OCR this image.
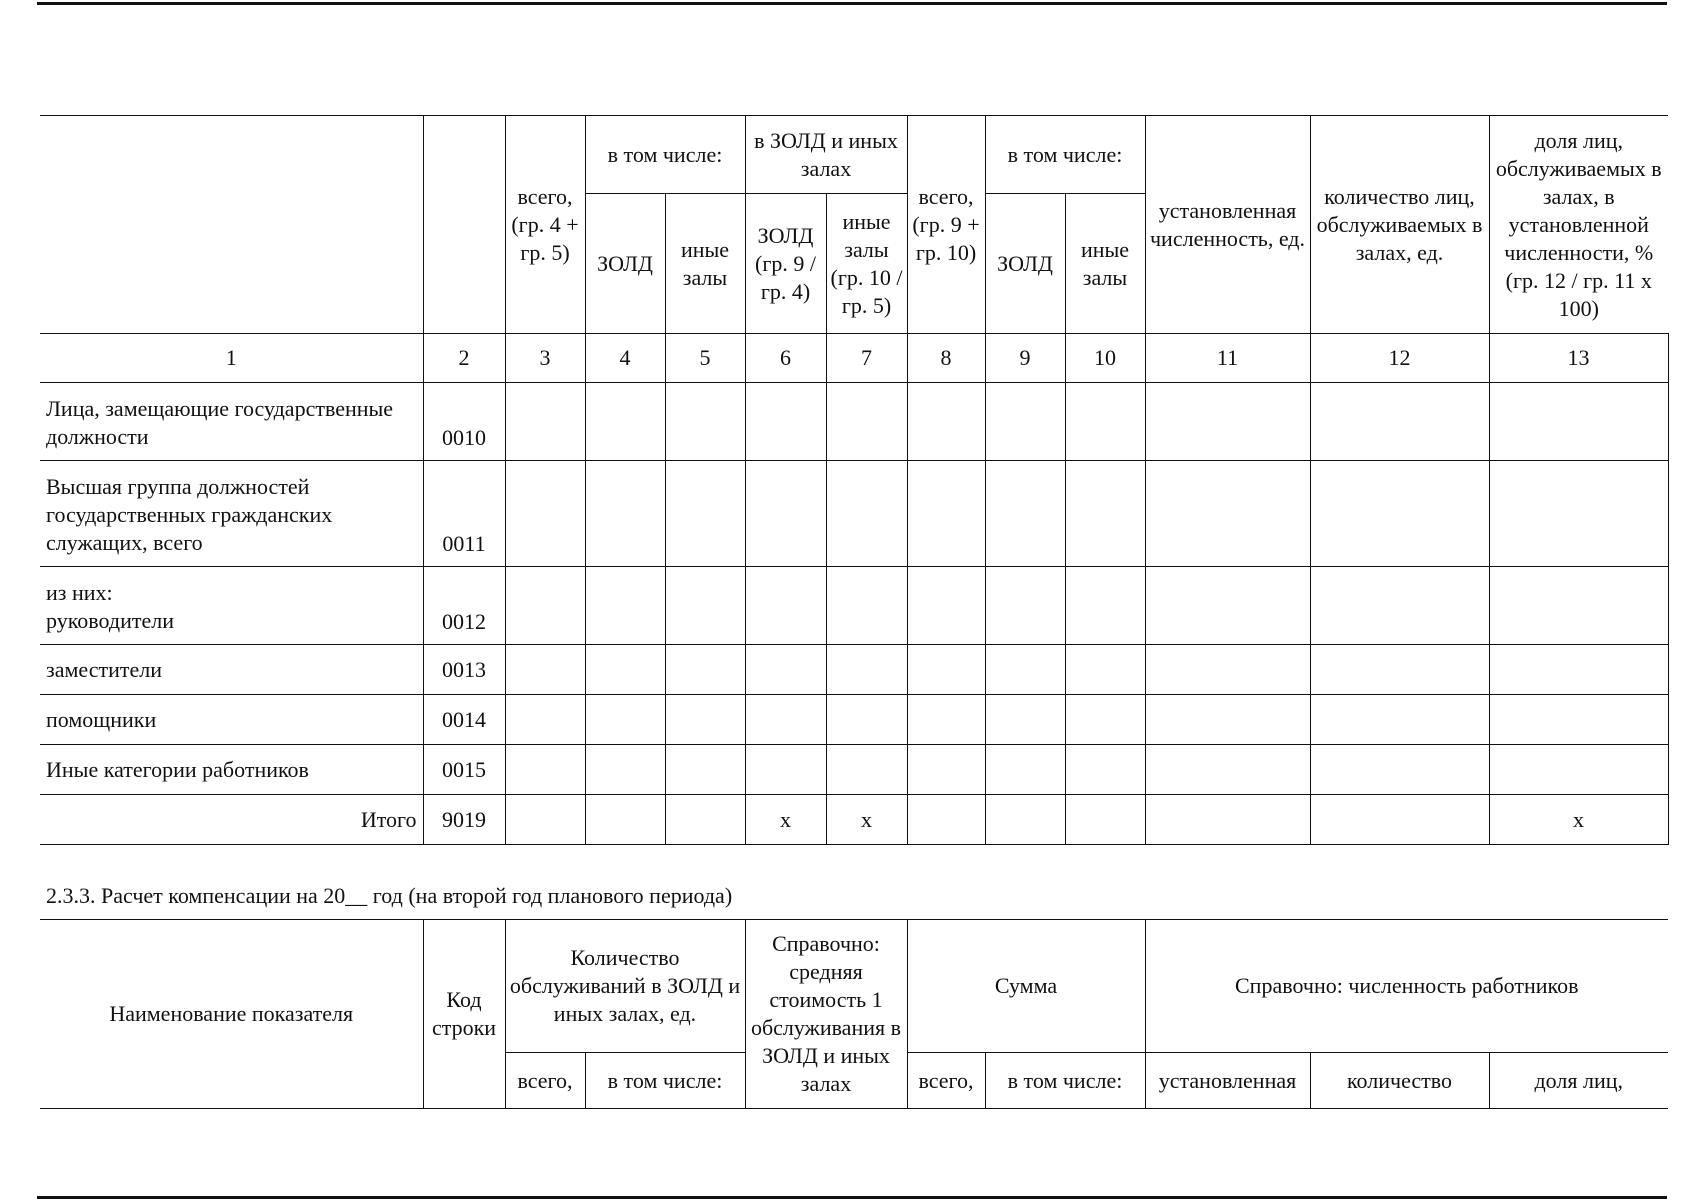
		всего, (гр. 4 + гр. 5)	в том числе:		в ЗОЛД и иных залах		всего, (гр. 9 + гр. 10)	в том числе:		установленная численность, ед.	количество лиц, обслуживаемых в залах, ед.	доля лиц, обслуживаемых в залах, в установленной численности, % (гр. 12 / гр. 11 x 100)
			ЗОЛД	иные залы	ЗОЛД (гр. 9 / гр. 4)	иные залы (гр. 10 / гр. 5)		ЗОЛД	иные залы			
1	2	3	4	5	6	7	8	9	10	11	12	13
Лица, замещающие государственные должности	0010											
Высшая группа должностей государственных гражданских служащих, всего	0011											
из них:
руководители	0012											
заместители	0013											
помощники	0014											
Иные категории работников	0015											
Итого	9019				x	x						x
2.3.3. Расчет компенсации на 20__ год (на второй год планового периода)
Наименование показателя	Код строки	Количество обслуживаний в ЗОЛД и иных залах, ед.		Справочно: средняя стоимость 1 обслуживания в ЗОЛД и иных залах	Сумма		Справочно: численность работников		
		всего,	в том числе:		всего,	в том числе:	установленная	количество	доля лиц,
